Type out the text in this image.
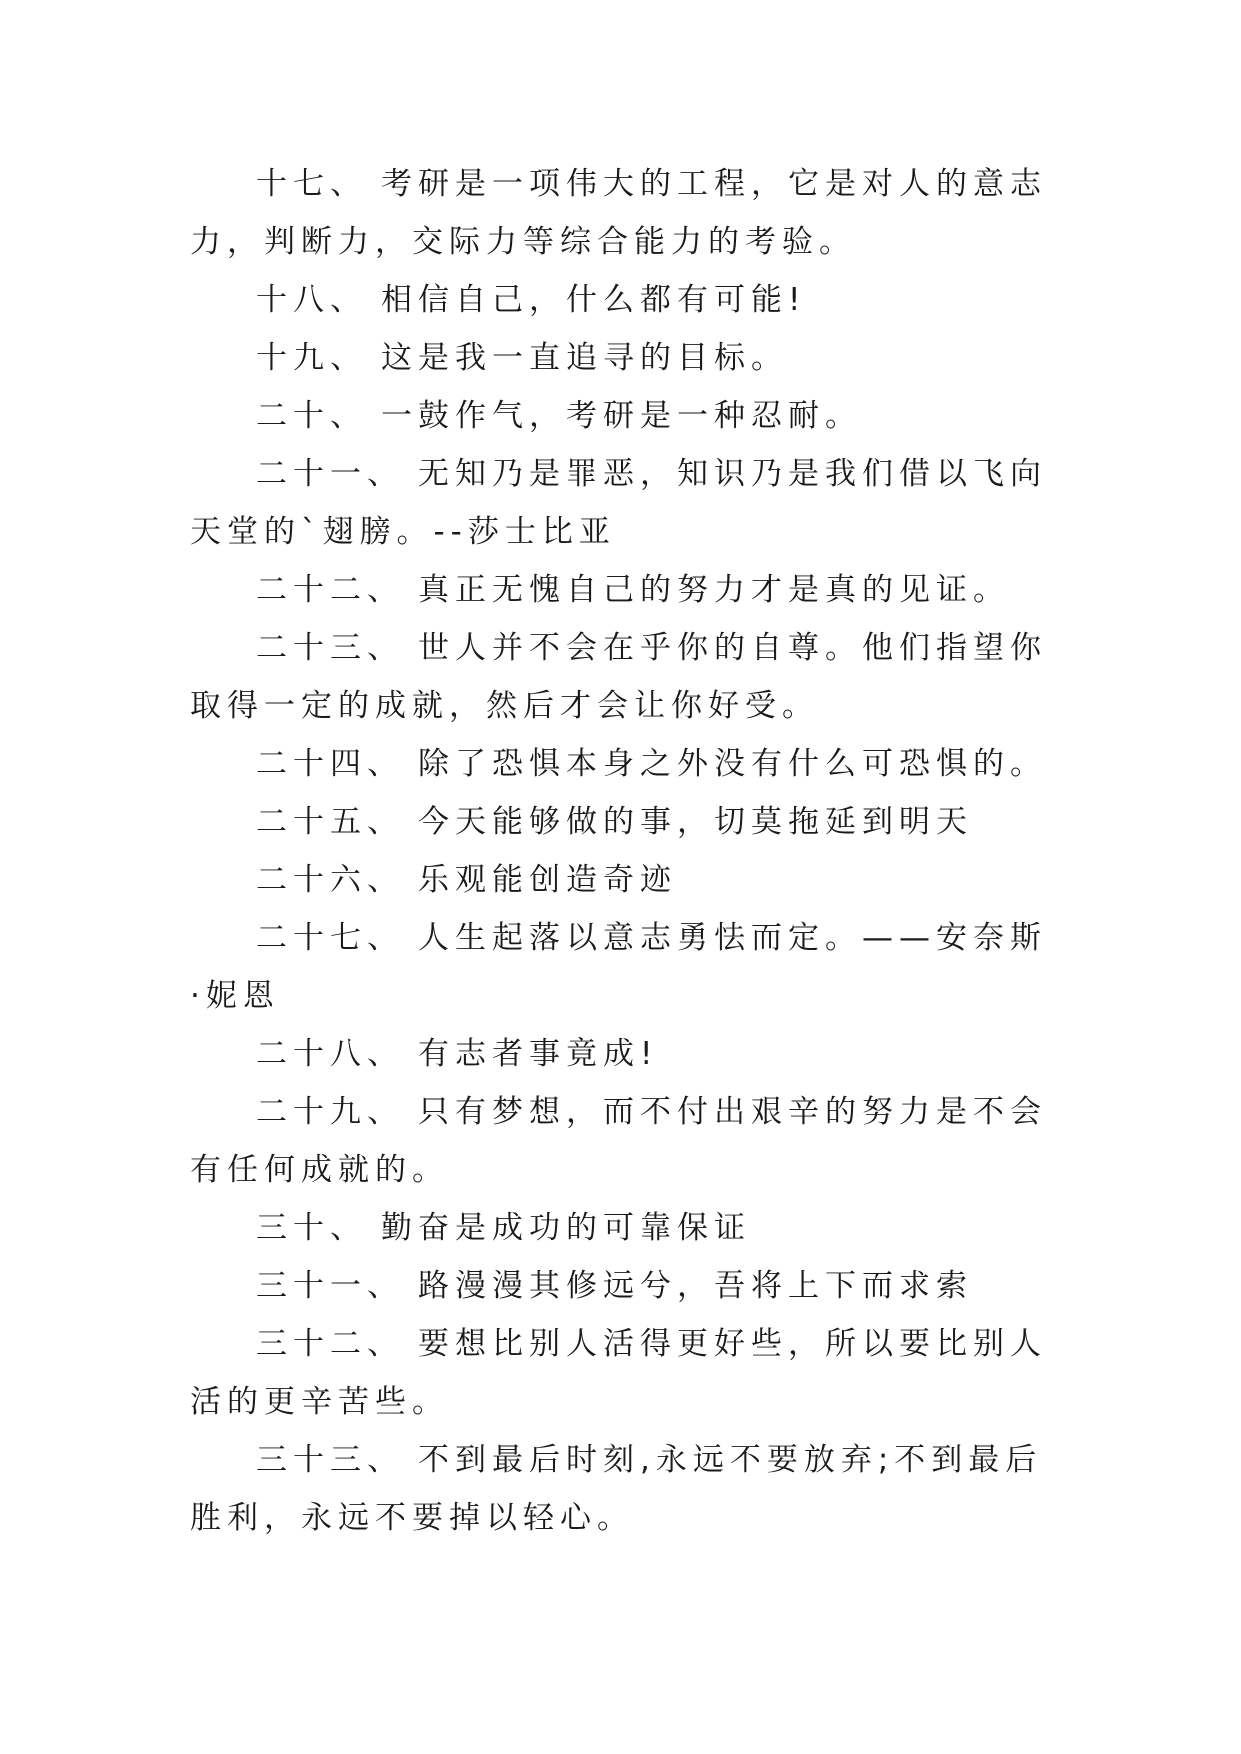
十七、 考研是一项伟大的工程，它是对人的意志力，判断力，交际力等综合能力的考验。

十八、 相信自己，什么都有可能!

十九、 这是我一直追寻的目标。

二十、 一鼓作气，考研是一种忍耐。

二十一、 无知乃是罪恶，知识乃是我们借以飞向天堂的`翅膀。--莎士比亚

二十二、 真正无愧自己的努力才是真的见证。

二十三、 世人并不会在乎你的自尊。他们指望你取得一定的成就，然后才会让你好受。

二十四、 除了恐惧本身之外没有什么可恐惧的。

二十五、 今天能够做的事，切莫拖延到明天

二十六、 乐观能创造奇迹

二十七、 人生起落以意志勇怯而定。——安奈斯·妮恩

二十八、 有志者事竟成!

二十九、 只有梦想，而不付出艰辛的努力是不会有任何成就的。

三十、 勤奋是成功的可靠保证

三十一、 路漫漫其修远兮，吾将上下而求索

三十二、 要想比别人活得更好些，所以要比别人活的更辛苦些。

三十三、 不到最后时刻,永远不要放弃;不到最后胜利，永远不要掉以轻心。
